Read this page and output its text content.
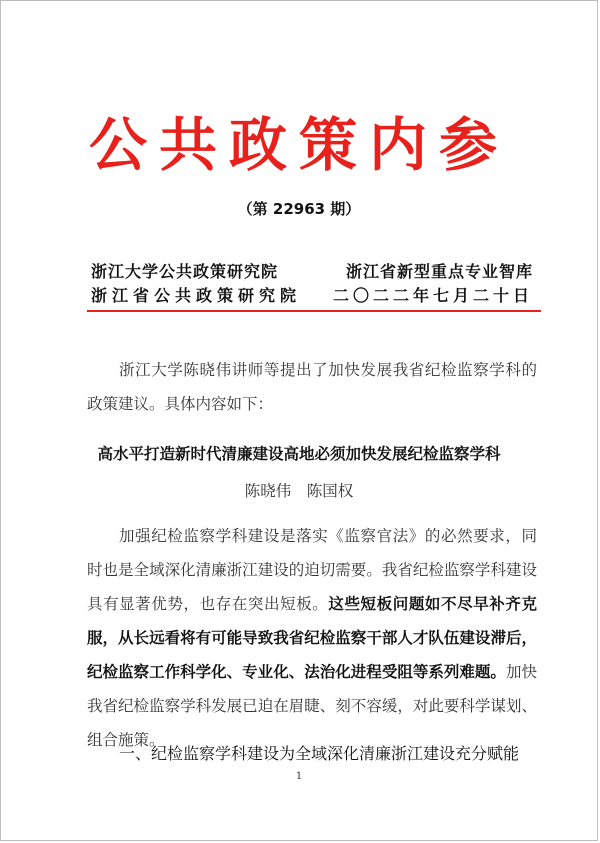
公共政策内参
（第 22963 期）
浙江大学公共政策研究院	浙江省新型重点专业智库
浙江省公共政策研究院 二〇二二年七月二十日
浙江大学陈晓伟讲师等提出了加快发展我省纪检监察学科的政策建议。具体内容如下：
高水平打造新时代清廉建设高地必须加快发展纪检监察学科
陈晓伟　陈国权
加强纪检监察学科建设是落实《监察官法》的必然要求，同时也是全域深化清廉浙江建设的迫切需要。我省纪检监察学科建设具有显著优势，也存在突出短板。这些短板问题如不尽早补齐克服，从长远看将有可能导致我省纪检监察干部人才队伍建设滞后，纪检监察工作科学化、专业化、法治化进程受阻等系列难题。加快我省纪检监察学科发展已迫在眉睫、刻不容缓，对此要科学谋划、组合施策。
一、纪检监察学科建设为全域深化清廉浙江建设充分赋能
1
